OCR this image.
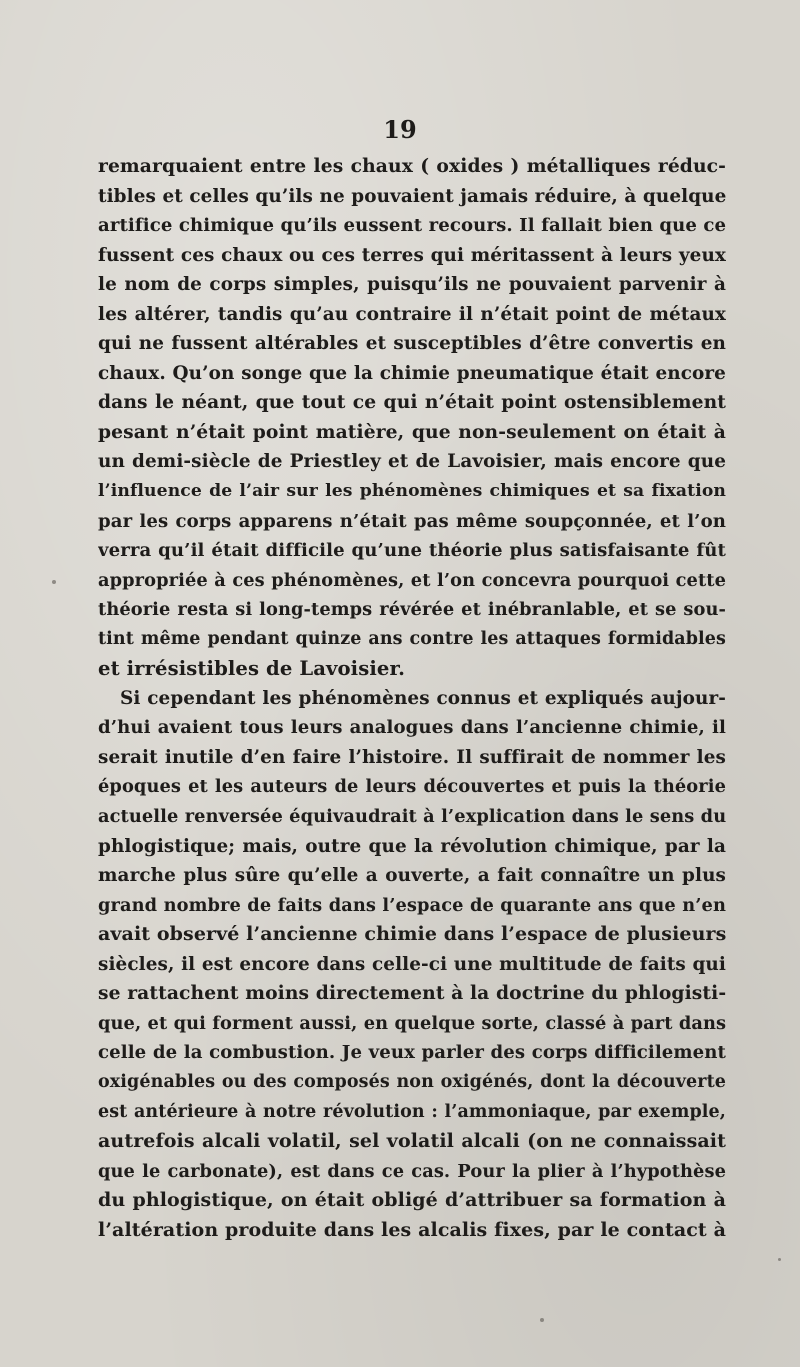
19
remarquaient entre les chaux ( oxides ) métalliques réduc-
tibles et celles qu’ils ne pouvaient jamais réduire, à quelque
artifice chimique qu’ils eussent recours. Il fallait bien que ce
fussent ces chaux ou ces terres qui méritassent à leurs yeux
le nom de corps simples, puisqu’ils ne pouvaient parvenir à
les altérer, tandis qu’au contraire il n’était point de métaux
qui ne fussent altérables et susceptibles d’être convertis en
chaux. Qu’on songe que la chimie pneumatique était encore
dans le néant, que tout ce qui n’était point ostensiblement
pesant n’était point matière, que non-seulement on était à
un demi-siècle de Priestley et de Lavoisier, mais encore que
l’influence de l’air sur les phénomènes chimiques et sa fixation
par les corps apparens n’était pas même soupçonnée, et l’on
verra qu’il était difficile qu’une théorie plus satisfaisante fût
appropriée à ces phénomènes, et l’on concevra pourquoi cette
théorie resta si long-temps révérée et inébranlable, et se sou-
tint même pendant quinze ans contre les attaques formidables
et irrésistibles de Lavoisier.
Si cependant les phénomènes connus et expliqués aujour-
d’hui avaient tous leurs analogues dans l’ancienne chimie, il
serait inutile d’en faire l’histoire. Il suffirait de nommer les
époques et les auteurs de leurs découvertes et puis la théorie
actuelle renversée équivaudrait à l’explication dans le sens du
phlogistique; mais, outre que la révolution chimique, par la
marche plus sûre qu’elle a ouverte, a fait connaître un plus
grand nombre de faits dans l’espace de quarante ans que n’en
avait observé l’ancienne chimie dans l’espace de plusieurs
siècles, il est encore dans celle-ci une multitude de faits qui
se rattachent moins directement à la doctrine du phlogisti-
que, et qui forment aussi, en quelque sorte, classé à part dans
celle de la combustion. Je veux parler des corps difficilement
oxigénables ou des composés non oxigénés, dont la découverte
est antérieure à notre révolution : l’ammoniaque, par exemple,
autrefois alcali volatil, sel volatil alcali (on ne connaissait
que le carbonate), est dans ce cas. Pour la plier à l’hypothèse
du phlogistique, on était obligé d’attribuer sa formation à
l’altération produite dans les alcalis fixes, par le contact à
